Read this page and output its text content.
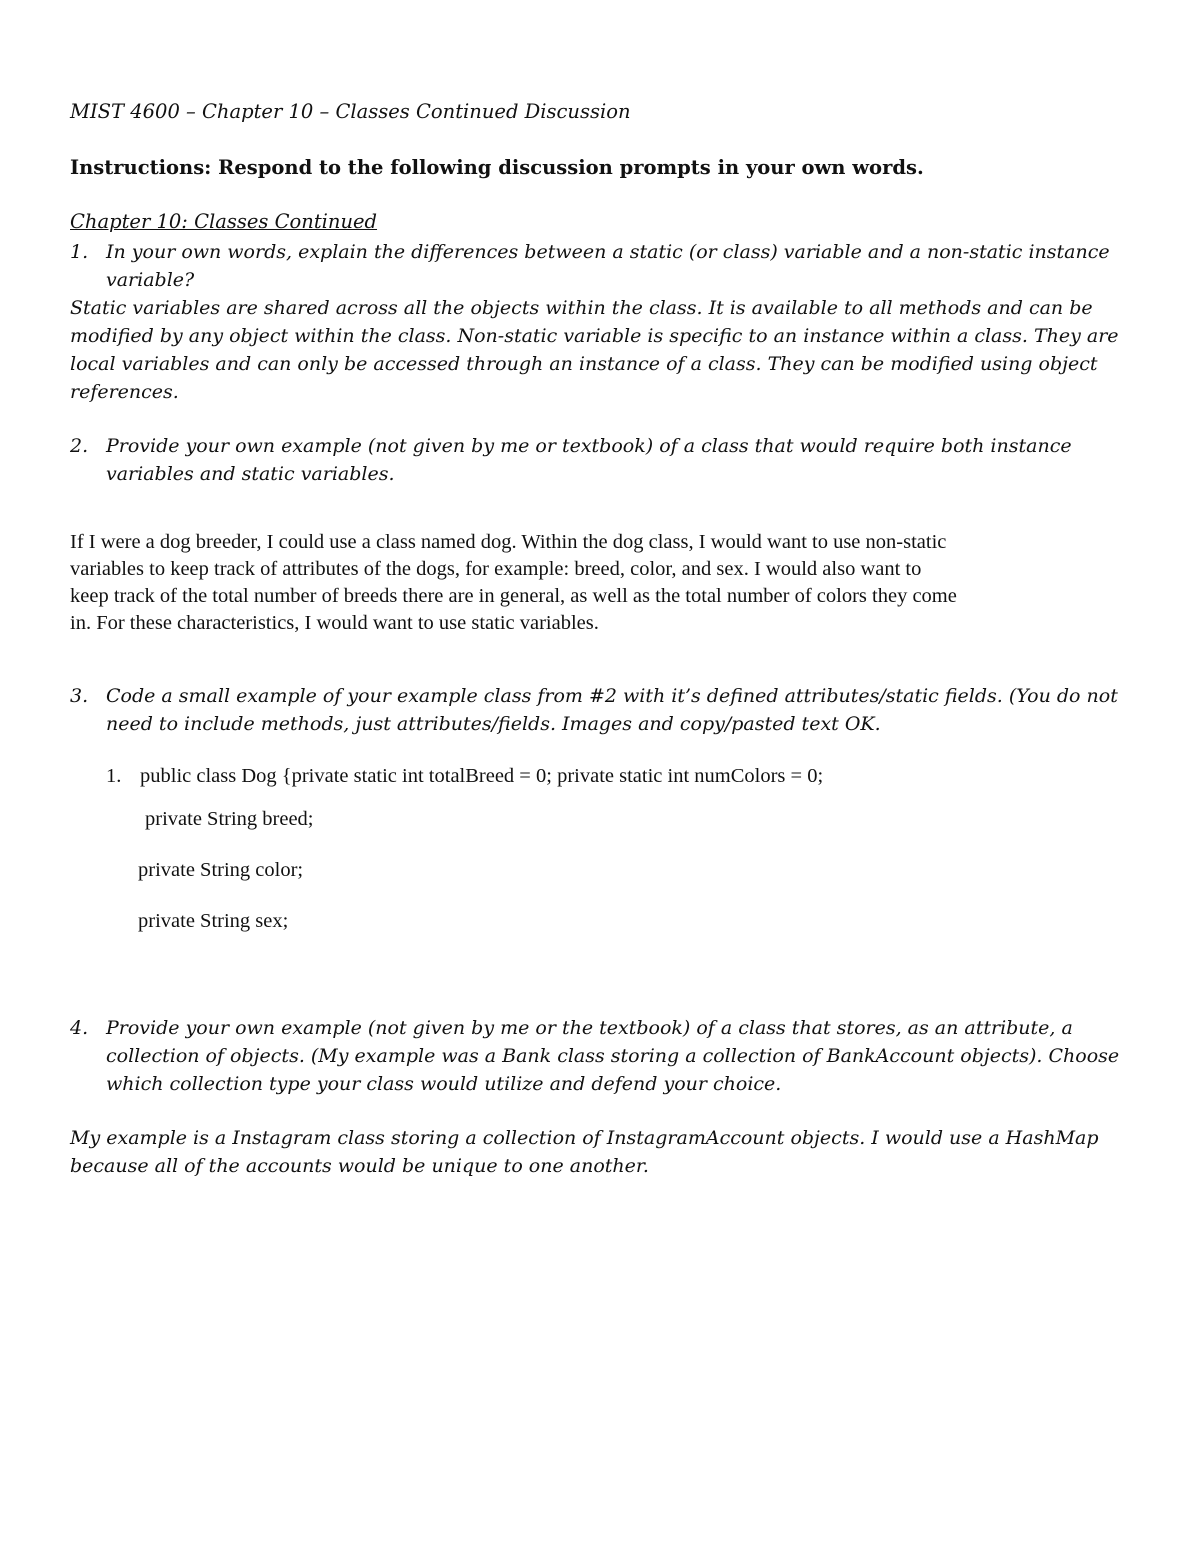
MIST 4600 – Chapter 10 – Classes Continued Discussion

Instructions: Respond to the following discussion prompts in your own words.

Chapter 10: Classes Continued

1. In your own words, explain the differences between a static (or class) variable and a non-static instance

variable?

Static variables are shared across all the objects within the class. It is available to all methods and can be

modified by any object within the class. Non-static variable is specific to an instance within a class. They are

local variables and can only be accessed through an instance of a class. They can be modified using object

references.

2. Provide your own example (not given by me or textbook) of a class that would require both instance

variables and static variables.

If I were a dog breeder, I could use a class named dog. Within the dog class, I would want to use non-static

variables to keep track of attributes of the dogs, for example: breed, color, and sex. I would also want to

keep track of the total number of breeds there are in general, as well as the total number of colors they come

in. For these characteristics, I would want to use static variables.

3. Code a small example of your example class from #2 with it’s defined attributes/static fields. (You do not

need to include methods, just attributes/fields. Images and copy/pasted text OK.

1. public class Dog {private static int totalBreed = 0; private static int numColors = 0;

private String breed;

private String color;

private String sex;

4. Provide your own example (not given by me or the textbook) of a class that stores, as an attribute, a

collection of objects. (My example was a Bank class storing a collection of BankAccount objects). Choose

which collection type your class would utilize and defend your choice.

My example is a Instagram class storing a collection of InstagramAccount objects. I would use a HashMap

because all of the accounts would be unique to one another.
